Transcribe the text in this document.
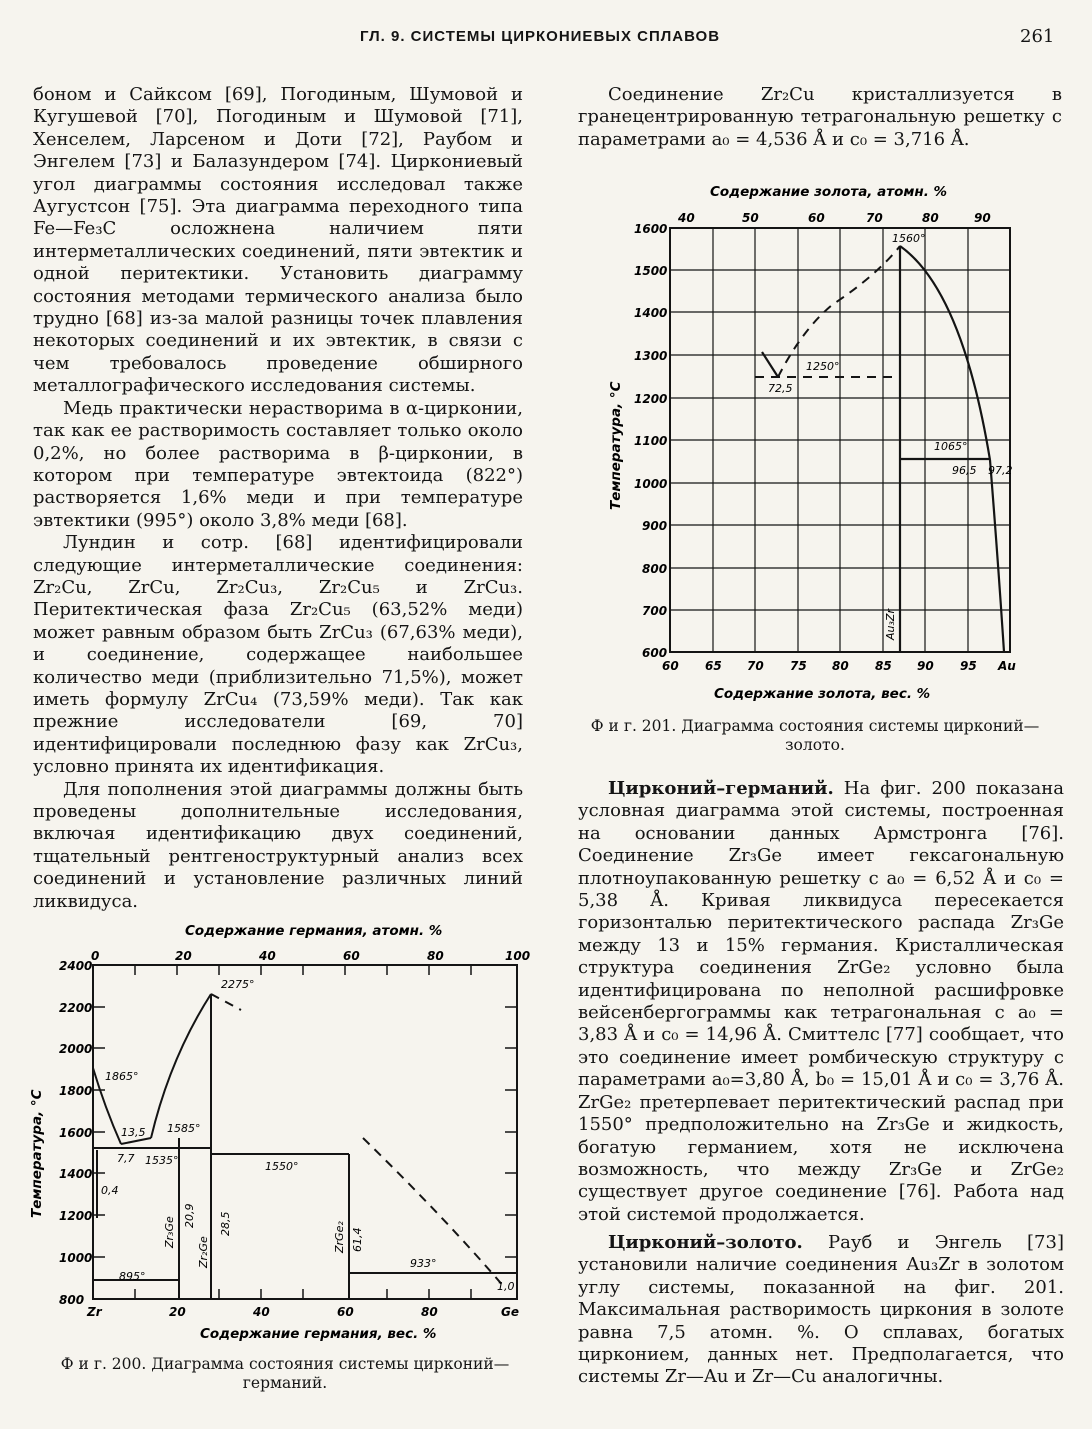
ГЛ. 9. СИСТЕМЫ ЦИРКОНИЕВЫХ СПЛАВОВ	261

боном и Сайксом [69], Погодиным, Шумовой и Кугушевой [70], Погодиным и Шумовой [71], Хенселем, Ларсеном и Доти [72], Раубом и Энгелем [73] и Балазундером [74]. Циркониевый угол диаграммы состояния исследовал также Аугустсон [75]. Эта диаграмма переходного типа Fe—Fe₃C осложнена наличием пяти интерметаллических соединений, пяти эвтектик и одной перитектики. Установить диаграмму состояния методами термического анализа было трудно [68] из-за малой разницы точек плавления некоторых соединений и их эвтектик, в связи с чем требовалось проведение обширного металлографического исследования системы.

Медь практически нерастворима в α-цирконии, так как ее растворимость составляет только около 0,2%, но более растворима в β-цирконии, в котором при температуре эвтектоида (822°) растворяется 1,6% меди и при температуре эвтектики (995°) около 3,8% меди [68].

Лундин и сотр. [68] идентифицировали следующие интерметаллические соединения: Zr₂Cu, ZrCu, Zr₂Cu₃, Zr₂Cu₅ и ZrCu₃. Перитектическая фаза Zr₂Cu₅ (63,52% меди) может равным образом быть ZrCu₃ (67,63% меди), и соединение, содержащее наибольшее количество меди (приблизительно 71,5%), может иметь формулу ZrCu₄ (73,59% меди). Так как прежние исследователи [69, 70] идентифицировали последнюю фазу как ZrCu₃, условно принята их идентификация.

Для пополнения этой диаграммы должны быть проведены дополнительные исследования, включая идентификацию двух соединений, тщательный рентгеноструктурный анализ всех соединений и установление различных линий ликвидуса.

Соединение Zr₂Cu кристаллизуется в гранецентрированную тетрагональную решетку с параметрами a₀ = 4,536 Å и c₀ = 3,716 Å.

Цирконий–германий. На фиг. 200 показана условная диаграмма этой системы, построенная на основании данных Армстронга [76]. Соединение Zr₃Ge имеет гексагональную плотноупакованную решетку с a₀ = 6,52 Å и c₀ = 5,38 Å. Кривая ликвидуса пересекается горизонталью перитектического распада Zr₃Ge между 13 и 15% германия. Кристаллическая структура соединения ZrGe₂ условно была идентифицирована по неполной расшифровке вейсенбергограммы как тетрагональная с a₀ = 3,83 Å и c₀ = 14,96 Å. Смиттелс [77] сообщает, что это соединение имеет ромбическую структуру с параметрами a₀=3,80 Å, b₀ = 15,01 Å и c₀ = 3,76 Å. ZrGe₂ претерпевает перитектический распад при 1550° предположительно на Zr₃Ge и жидкость, богатую германием, хотя не исключена возможность, что между Zr₃Ge и ZrGe₂ существует другое соединение [76]. Работа над этой системой продолжается.

Цирконий–золото. Рауб и Энгель [73] установили наличие соединения Au₃Zr в золотом углу системы, показанной на фиг. 201. Максимальная растворимость циркония в золоте равна 7,5 атомн. %. О сплавах, богатых цирконием, данных нет. Предполагается, что системы Zr—Au и Zr—Cu аналогичны.

Содержание германия, атомн. %
0	20	40	60	80	100
2400
2200
2000
1800
1600
1400
1200
1000
800
Температура, °С
1865°
2275°
1585°
1535°	1550°
895°
933°
13,5
7,7
0,4
20,9 28,5
61,4
1,0
Zr₃Ge
Zr₂Ge	ZrGe₂
Zr	20	40	60	80	Ge
Содержание германия, вес. %
Ф и г. 200. Диаграмма состояния системы цирконий—германий.
Содержание золота, атомн. %
40	50	60	70	80	90
1600
1500
1400
1300
1200
1100
1000
900
800
700
600
Температура, °С
1560°
1250°
72,5
1065°
96,5 97,2
Au₃Zr
60 65 70 75 80 85 90 95 Au
Содержание золота, вес. %
Ф и г. 201. Диаграмма состояния системы цирконий—золото.
